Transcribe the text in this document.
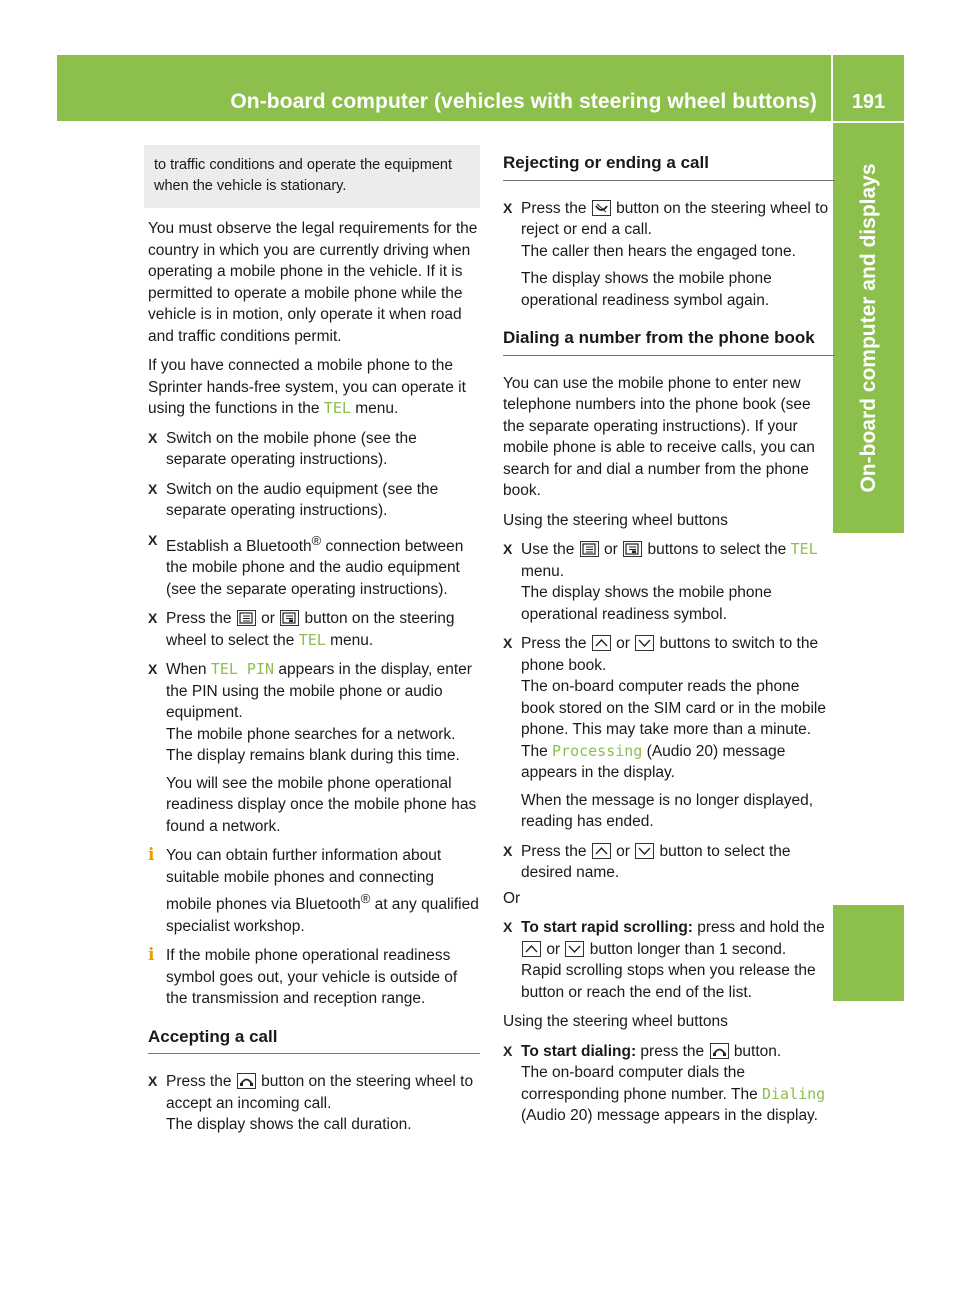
On-board computer (vehicles with steering wheel buttons)	191
On-board computer and displays
to traffic conditions and operate the equipment when the vehicle is stationary.

You must observe the legal requirements for the country in which you are currently driving when operating a mobile phone in the vehicle. If it is permitted to operate a mobile phone while the vehicle is in motion, only operate it when road and traffic conditions permit.

If you have connected a mobile phone to the Sprinter hands-free system, you can operate it using the functions in the TEL menu.

X Switch on the mobile phone (see the separate operating instructions).
X Switch on the audio equipment (see the separate operating instructions).
X Establish a Bluetooth® connection between the mobile phone and the audio equipment (see the separate operating instructions).
X Press the or button on the steering wheel to select the TEL menu.
X When TEL PIN appears in the display, enter the PIN using the mobile phone or audio equipment.
The mobile phone searches for a network. The display remains blank during this time.
You will see the mobile phone operational readiness display once the mobile phone has found a network.
i You can obtain further information about suitable mobile phones and connecting mobile phones via Bluetooth® at any qualified specialist workshop.
i If the mobile phone operational readiness symbol goes out, your vehicle is outside of the transmission and reception range.
Accepting a call
X Press the button on the steering wheel to accept an incoming call.
The display shows the call duration.
Rejecting or ending a call
X Press the button on the steering wheel to reject or end a call.
The caller then hears the engaged tone.
The display shows the mobile phone operational readiness symbol again.
Dialing a number from the phone book

You can use the mobile phone to enter new telephone numbers into the phone book (see the separate operating instructions). If your mobile phone is able to receive calls, you can search for and dial a number from the phone book.

Using the steering wheel buttons

X Use the or buttons to select the TEL menu.
The display shows the mobile phone operational readiness symbol.
X Press the or buttons to switch to the phone book.
The on-board computer reads the phone book stored on the SIM card or in the mobile phone. This may take more than a minute. The Processing (Audio 20) message appears in the display.
When the message is no longer displayed, reading has ended.
X Press the or button to select the desired name.

Or

X To start rapid scrolling: press and hold the
or button longer than 1 second.
Rapid scrolling stops when you release the button or reach the end of the list.

Using the steering wheel buttons

X To start dialing: press the button.
The on-board computer dials the corresponding phone number. The Dialing (Audio 20) message appears in the display.
